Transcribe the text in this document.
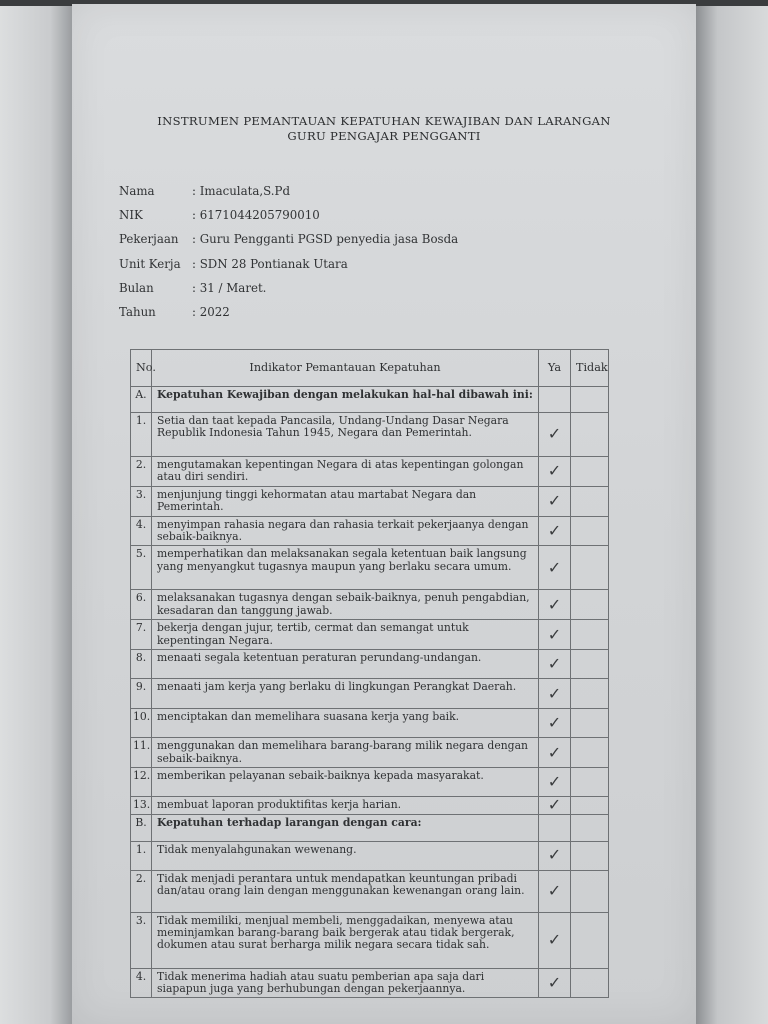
INSTRUMEN PEMANTAUAN KEPATUHAN KEWAJIBAN DAN LARANGAN
GURU PENGAJAR PENGGANTI
Nama	: Imaculata,S.Pd
NIK	: 6171044205790010
Pekerjaan : Guru Pengganti PGSD penyedia jasa Bosda
Unit Kerja : SDN 28 Pontianak Utara
Bulan	: 31 / Maret.
Tahun	: 2022
No.	Indikator Pemantauan Kepatuhan	Ya	Tidak
A.	Kepatuhan Kewajiban dengan melakukan hal-hal dibawah ini:		
1.	Setia dan taat kepada Pancasila, Undang-Undang Dasar Negara Republik Indonesia Tahun 1945, Negara dan Pemerintah.	✓	
2.	mengutamakan kepentingan Negara di atas kepentingan golongan atau diri sendiri.	✓	
3.	menjunjung tinggi kehormatan atau martabat Negara dan Pemerintah.	✓	
4.	menyimpan rahasia negara dan rahasia terkait pekerjaanya dengan sebaik-baiknya.	✓	
5.	memperhatikan dan melaksanakan segala ketentuan baik langsung yang menyangkut tugasnya maupun yang berlaku secara umum.	✓	
6.	melaksanakan tugasnya dengan sebaik-baiknya, penuh pengabdian, kesadaran dan tanggung jawab.	✓	
7.	bekerja dengan jujur, tertib, cermat dan semangat untuk kepentingan Negara.	✓	
8.	menaati segala ketentuan peraturan perundang-undangan.	✓	
9.	menaati jam kerja yang berlaku di lingkungan Perangkat Daerah.	✓	
10.	menciptakan dan memelihara suasana kerja yang baik.	✓	
11.	menggunakan dan memelihara barang-barang milik negara dengan sebaik-baiknya.	✓	
12.	memberikan pelayanan sebaik-baiknya kepada masyarakat.	✓	
13.	membuat laporan produktifitas kerja harian.	✓	
B.	Kepatuhan terhadap larangan dengan cara:		
1.	Tidak menyalahgunakan wewenang.	✓	
2.	Tidak menjadi perantara untuk mendapatkan keuntungan pribadi dan/atau orang lain dengan menggunakan kewenangan orang lain.	✓	
3.	Tidak memiliki, menjual membeli, menggadaikan, menyewa atau meminjamkan barang-barang baik bergerak atau tidak bergerak, dokumen atau surat berharga milik negara secara tidak sah.	✓	
4.	Tidak menerima hadiah atau suatu pemberian apa saja dari siapapun juga yang berhubungan dengan pekerjaannya.	✓	
